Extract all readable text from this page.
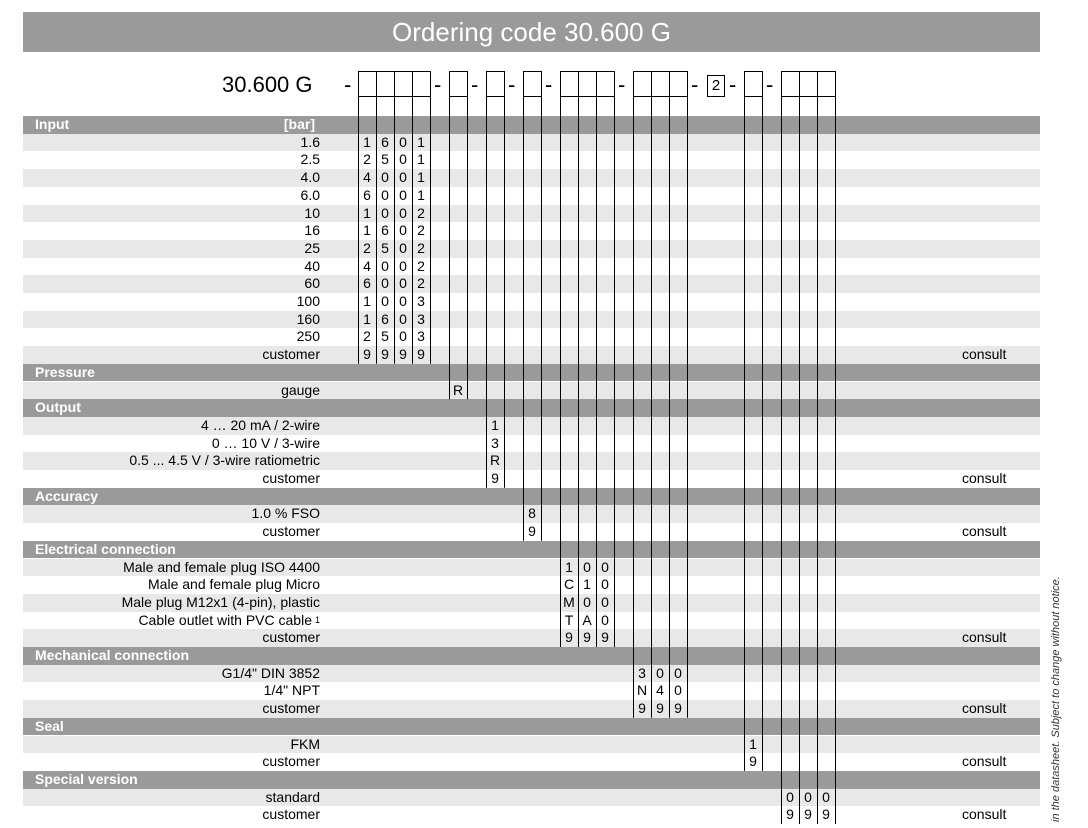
Ordering code 30.600 G
30.600 G -	- - - -	-	2 -
-	-
Input	[bar]
1.6	1 6 0 1
2.5	2 5 0 1
4.0	4 0 0 1
6.0	6 0 0 1
10	1 0 0 2
16	1 6 0 2
25	2 5 0 2
40	4 0 0 2
60	6 0 0 2
100	1 0 0 3
160	1 6 0 3
250	2 5 0 3
customer	9 9 9 9	consult
Pressure
gauge	R
Output
4 … 20 mA / 2-wire	1
0 … 10 V / 3-wire	3
0.5 ... 4.5 V / 3-wire ratiometric	R
customer	9	consult
Accuracy
1.0 % FSO	8
customer	9	consult
Electrical connection
Male and female plug ISO 4400	1 0 0
Male and female plug Micro	C 1 0
Male plug M12x1 (4-pin), plastic	M 0 0
Cable outlet with PVC cable $^1$	T A 0
customer	9 9 9	consult
Mechanical connection
G1/4" DIN 3852	3 0 0
1/4" NPT	N 4 0
customer	9 9 9	consult
Seal
FKM	1
customer	9	consult
Special version
standard	0 0 0
customer	9 9 9	consult	in the datasheet. Subject to change without notice.
